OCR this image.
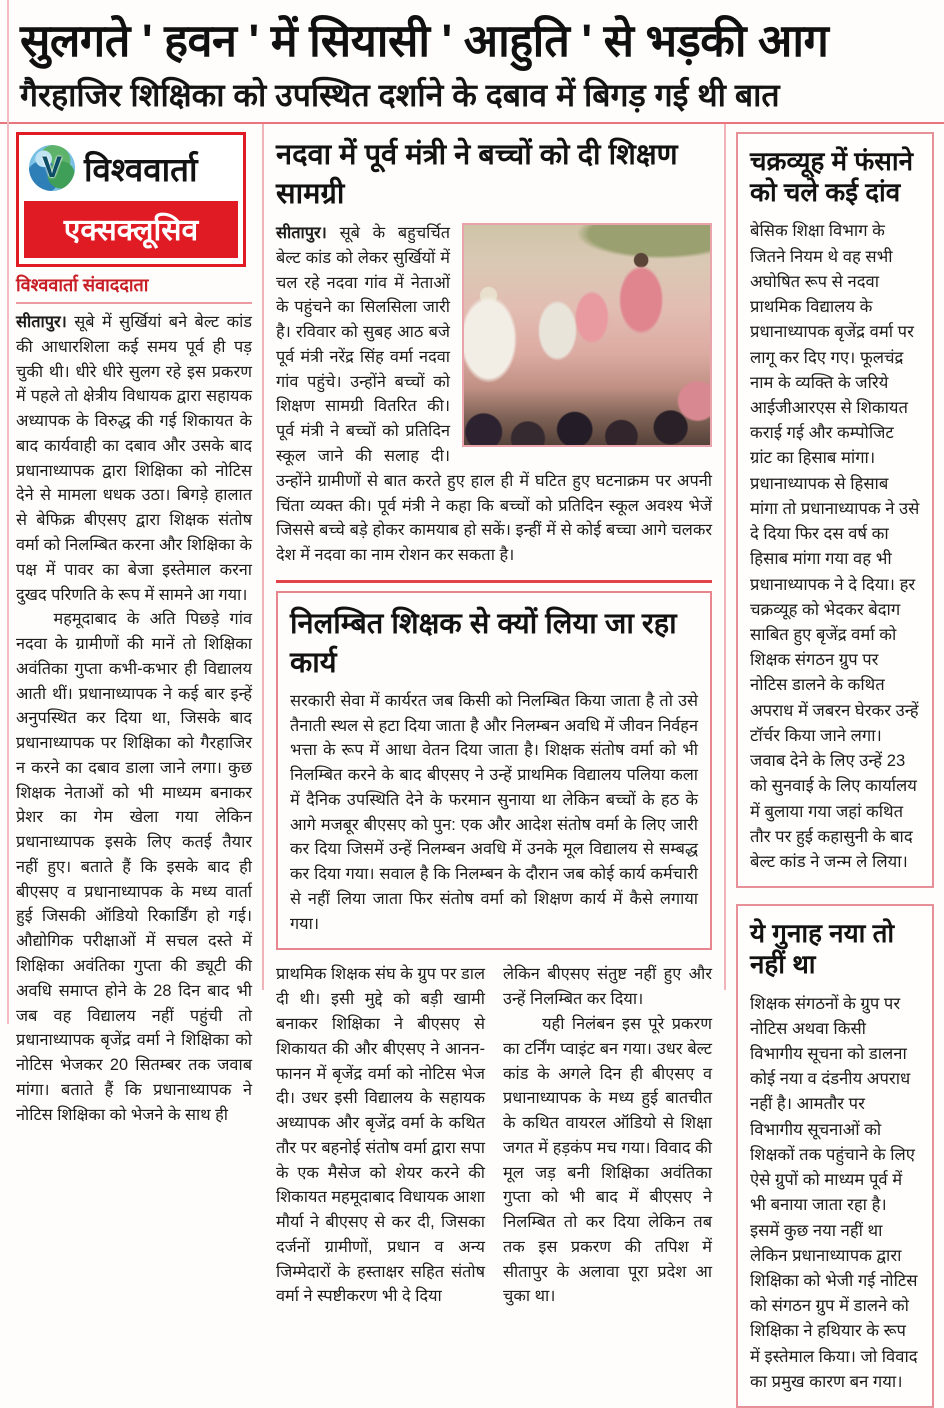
सुलगते ' हवन ' में सियासी ' आहुति ' से भड़की आग
गैरहाजिर शिक्षिका को उपस्थित दर्शाने के दबाव में बिगड़ गई थी बात
V विश्ववार्ता
एक्सक्लूसिव
विश्ववार्ता संवाददाता

सीतापुर। सूबे में सुर्खियां बने बेल्ट कांड की आधारशिला कई समय पूर्व ही पड़ चुकी थी। धीरे धीरे सुलग रहे इस प्रकरण में पहले तो क्षेत्रीय विधायक द्वारा सहायक अध्यापक के विरुद्ध की गई शिकायत के बाद कार्यवाही का दबाव और उसके बाद प्रधानाध्यापक द्वारा शिक्षिका को नोटिस देने से मामला धधक उठा। बिगड़े हालात से बेफिक्र बीएसए द्वारा शिक्षक संतोष वर्मा को निलम्बित करना और शिक्षिका के पक्ष में पावर का बेजा इस्तेमाल करना दुखद परिणति के रूप में सामने आ गया।

महमूदाबाद के अति पिछड़े गांव नदवा के ग्रामीणों की मानें तो शिक्षिका अवंतिका गुप्ता कभी-कभार ही विद्यालय आती थीं। प्रधानाध्यापक ने कई बार इन्हें अनुपस्थित कर दिया था, जिसके बाद प्रधानाध्यापक पर शिक्षिका को गैरहाजिर न करने का दबाव डाला जाने लगा। कुछ शिक्षक नेताओं को भी माध्यम बनाकर प्रेशर का गेम खेला गया लेकिन प्रधानाध्यापक इसके लिए कतई तैयार नहीं हुए। बताते हैं कि इसके बाद ही बीएसए व प्रधानाध्यापक के मध्य वार्ता हुई जिसकी ऑडियो रिकार्डिंग हो गई। औद्योगिक परीक्षाओं में सचल दस्ते में शिक्षिका अवंतिका गुप्ता की ड्यूटी की अवधि समाप्त होने के 28 दिन बाद भी जब वह विद्यालय नहीं पहुंची तो प्रधानाध्यापक बृजेंद्र वर्मा ने शिक्षिका को नोटिस भेजकर 20 सितम्बर तक जवाब मांगा। बताते हैं कि प्रधानाध्यापक ने नोटिस शिक्षिका को भेजने के साथ ही

नदवा में पूर्व मंत्री ने बच्चों को दी शिक्षण सामग्री

सीतापुर। सूबे के बहुचर्चित बेल्ट कांड को लेकर सुर्खियों में चल रहे नदवा गांव में नेताओं के पहुंचने का सिलसिला जारी है। रविवार को सुबह आठ बजे पूर्व मंत्री नरेंद्र सिंह वर्मा नदवा गांव पहुंचे। उन्होंने बच्चों को शिक्षण सामग्री वितरित की। पूर्व मंत्री ने बच्चों को प्रतिदिन स्कूल जाने की सलाह दी। उन्होंने ग्रामीणों से बात करते हुए हाल ही में घटित हुए घटनाक्रम पर अपनी चिंता व्यक्त की। पूर्व मंत्री ने कहा कि बच्चों को प्रतिदिन स्कूल अवश्य भेजें जिससे बच्चे बड़े होकर कामयाब हो सकें। इन्हीं में से कोई बच्चा आगे चलकर देश में नदवा का नाम रोशन कर सकता है।

निलम्बित शिक्षक से क्यों लिया जा रहा कार्य
सरकारी सेवा में कार्यरत जब किसी को निलम्बित किया जाता है तो उसे तैनाती स्थल से हटा दिया जाता है और निलम्बन अवधि में जीवन निर्वहन भत्ता के रूप में आधा वेतन दिया जाता है। शिक्षक संतोष वर्मा को भी निलम्बित करने के बाद बीएसए ने उन्हें प्राथमिक विद्यालय पलिया कला में दैनिक उपस्थिति देने के फरमान सुनाया था लेकिन बच्चों के हठ के आगे मजबूर बीएसए को पुन: एक और आदेश संतोष वर्मा के लिए जारी कर दिया जिसमें उन्हें निलम्बन अवधि में उनके मूल विद्यालय से सम्बद्ध कर दिया गया। सवाल है कि निलम्बन के दौरान जब कोई कार्य कर्मचारी से नहीं लिया जाता फिर संतोष वर्मा को शिक्षण कार्य में कैसे लगाया गया।

प्राथमिक शिक्षक संघ के ग्रुप पर डाल दी थी। इसी मुद्दे को बड़ी खामी बनाकर शिक्षिका ने बीएसए से शिकायत की और बीएसए ने आनन-फानन में बृजेंद्र वर्मा को नोटिस भेज दी। उधर इसी विद्यालय के सहायक अध्यापक और बृजेंद्र वर्मा के कथित तौर पर बहनोई संतोष वर्मा द्वारा सपा के एक मैसेज को शेयर करने की शिकायत महमूदाबाद विधायक आशा मौर्या ने बीएसए से कर दी, जिसका दर्जनों ग्रामीणों, प्रधान व अन्य जिम्मेदारों के हस्ताक्षर सहित संतोष वर्मा ने स्पष्टीकरण भी दे दिया

लेकिन बीएसए संतुष्ट नहीं हुए और उन्हें निलम्बित कर दिया।

यही निलंबन इस पूरे प्रकरण का टर्निंग प्वाइंट बन गया। उधर बेल्ट कांड के अगले दिन ही बीएसए व प्रधानाध्यापक के मध्य हुई बातचीत के कथित वायरल ऑडियो से शिक्षा जगत में हड़कंप मच गया। विवाद की मूल जड़ बनी शिक्षिका अवंतिका गुप्ता को भी बाद में बीएसए ने निलम्बित तो कर दिया लेकिन तब तक इस प्रकरण की तपिश में सीतापुर के अलावा पूरा प्रदेश आ चुका था।

चक्रव्यूह में फंसाने को चले कई दांव
बेसिक शिक्षा विभाग के जितने नियम थे वह सभी अघोषित रूप से नदवा प्राथमिक विद्यालय के प्रधानाध्यापक बृजेंद्र वर्मा पर लागू कर दिए गए। फूलचंद्र नाम के व्यक्ति के जरिये आईजीआरएस से शिकायत कराई गई और कम्पोजिट ग्रांट का हिसाब मांगा। प्रधानाध्यापक से हिसाब मांगा तो प्रधानाध्यापक ने उसे दे दिया फिर दस वर्ष का हिसाब मांगा गया वह भी प्रधानाध्यापक ने दे दिया। हर चक्रव्यूह को भेदकर बेदाग साबित हुए बृजेंद्र वर्मा को शिक्षक संगठन ग्रुप पर नोटिस डालने के कथित अपराध में जबरन घेरकर उन्हें टॉर्चर किया जाने लगा। जवाब देने के लिए उन्हें 23 को सुनवाई के लिए कार्यालय में बुलाया गया जहां कथित तौर पर हुई कहासुनी के बाद बेल्ट कांड ने जन्म ले लिया।
ये गुनाह नया तो नहीं था
शिक्षक संगठनों के ग्रुप पर नोटिस अथवा किसी विभागीय सूचना को डालना कोई नया व दंडनीय अपराध नहीं है। आमतौर पर विभागीय सूचनाओं को शिक्षकों तक पहुंचाने के लिए ऐसे ग्रुपों को माध्यम पूर्व में भी बनाया जाता रहा है। इसमें कुछ नया नहीं था लेकिन प्रधानाध्यापक द्वारा शिक्षिका को भेजी गई नोटिस को संगठन ग्रुप में डालने को शिक्षिका ने हथियार के रूप में इस्तेमाल किया। जो विवाद का प्रमुख कारण बन गया।
